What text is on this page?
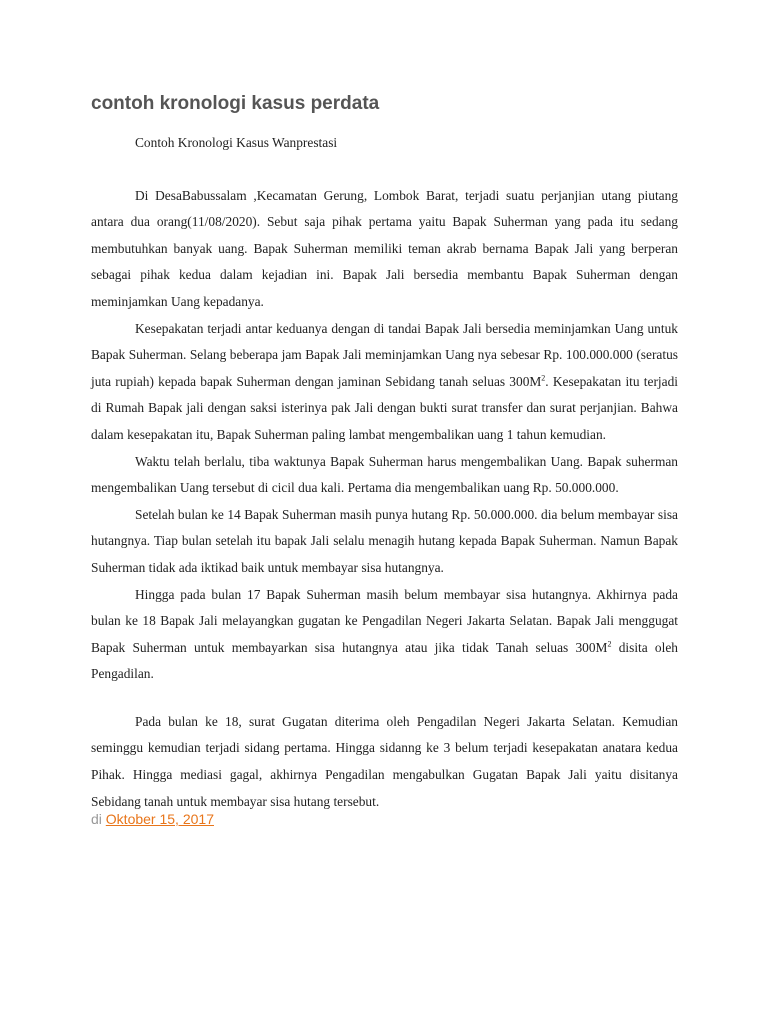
contoh kronologi kasus perdata

Contoh Kronologi Kasus Wanprestasi

Di DesaBabussalam ,Kecamatan Gerung, Lombok Barat, terjadi suatu perjanjian utang piutang antara dua orang(11/08/2020). Sebut saja pihak pertama yaitu Bapak Suherman yang pada itu sedang membutuhkan banyak uang. Bapak Suherman memiliki teman akrab bernama Bapak Jali yang berperan sebagai pihak kedua dalam kejadian ini. Bapak Jali bersedia membantu Bapak Suherman dengan meminjamkan Uang kepadanya.

Kesepakatan terjadi antar keduanya dengan di tandai Bapak Jali bersedia meminjamkan Uang untuk Bapak Suherman. Selang beberapa jam Bapak Jali meminjamkan Uang nya sebesar Rp. 100.000.000 (seratus juta rupiah) kepada bapak Suherman dengan jaminan Sebidang tanah seluas $300M^2$. Kesepakatan itu terjadi di Rumah Bapak jali dengan saksi isterinya pak Jali dengan bukti surat transfer dan surat perjanjian. Bahwa dalam kesepakatan itu, Bapak Suherman paling lambat mengembalikan uang 1 tahun kemudian.

Waktu telah berlalu, tiba waktunya Bapak Suherman harus mengembalikan Uang. Bapak suherman mengembalikan Uang tersebut di cicil dua kali. Pertama dia mengembalikan uang Rp. 50.000.000.

Setelah bulan ke 14 Bapak Suherman masih punya hutang Rp. 50.000.000. dia belum membayar sisa hutangnya. Tiap bulan setelah itu bapak Jali selalu menagih hutang kepada Bapak Suherman. Namun Bapak Suherman tidak ada iktikad baik untuk membayar sisa hutangnya.

Hingga pada bulan 17 Bapak Suherman masih belum membayar sisa hutangnya. Akhirnya pada bulan ke 18 Bapak Jali melayangkan gugatan ke Pengadilan Negeri Jakarta Selatan. Bapak Jali menggugat Bapak Suherman untuk membayarkan sisa hutangnya atau jika tidak Tanah seluas $300M^2$ disita oleh Pengadilan.

Pada bulan ke 18, surat Gugatan diterima oleh Pengadilan Negeri Jakarta Selatan. Kemudian seminggu kemudian terjadi sidang pertama. Hingga sidanng ke 3 belum terjadi kesepakatan anatara kedua Pihak. Hingga mediasi gagal, akhirnya Pengadilan mengabulkan Gugatan Bapak Jali yaitu disitanya Sebidang tanah untuk membayar sisa hutang tersebut.

di Oktober 15, 2017
